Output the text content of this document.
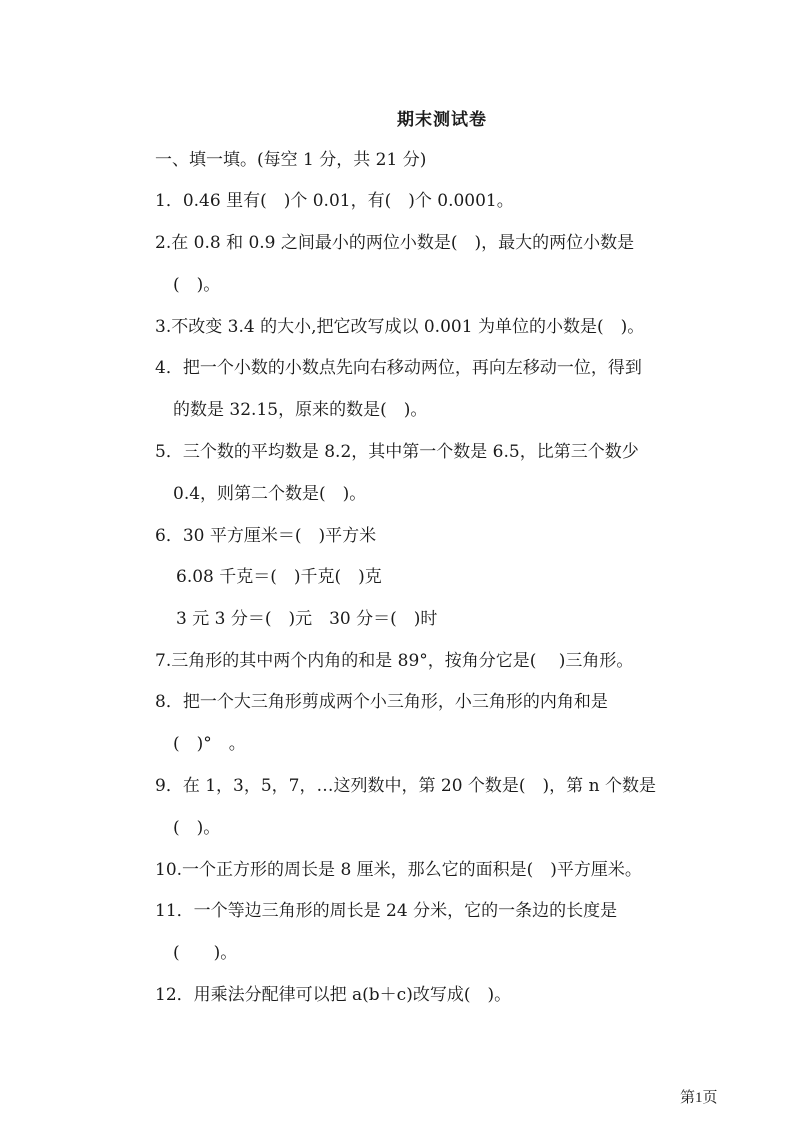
期末测试卷
一、填一填。(每空 1 分，共 21 分)
1．0.46 里有(　)个 0.01，有(　)个 0.0001。
2.在 0.8 和 0.9 之间最小的两位小数是(　)，最大的两位小数是
(　)。
3.不改变 3.4 的大小,把它改写成以 0.001 为单位的小数是(　)。
4．把一个小数的小数点先向右移动两位，再向左移动一位，得到
的数是 32.15，原来的数是(　)。
5．三个数的平均数是 8.2，其中第一个数是 6.5，比第三个数少
0.4，则第二个数是(　)。
6．30 平方厘米＝(　)平方米
6.08 千克＝(　)千克(　)克
3 元 3 分＝(　)元　30 分＝(　)时
7.三角形的其中两个内角的和是 89°，按角分它是(　 )三角形。
8．把一个大三角形剪成两个小三角形，小三角形的内角和是
(　)°　。
9．在 1，3，5，7，…这列数中，第 20 个数是(　)，第 n 个数是
(　)。
10.一个正方形的周长是 8 厘米，那么它的面积是(　)平方厘米。
11．一个等边三角形的周长是 24 分米，它的一条边的长度是
(　　)。
12．用乘法分配律可以把 a(b＋c)改写成(　)。
第1页
